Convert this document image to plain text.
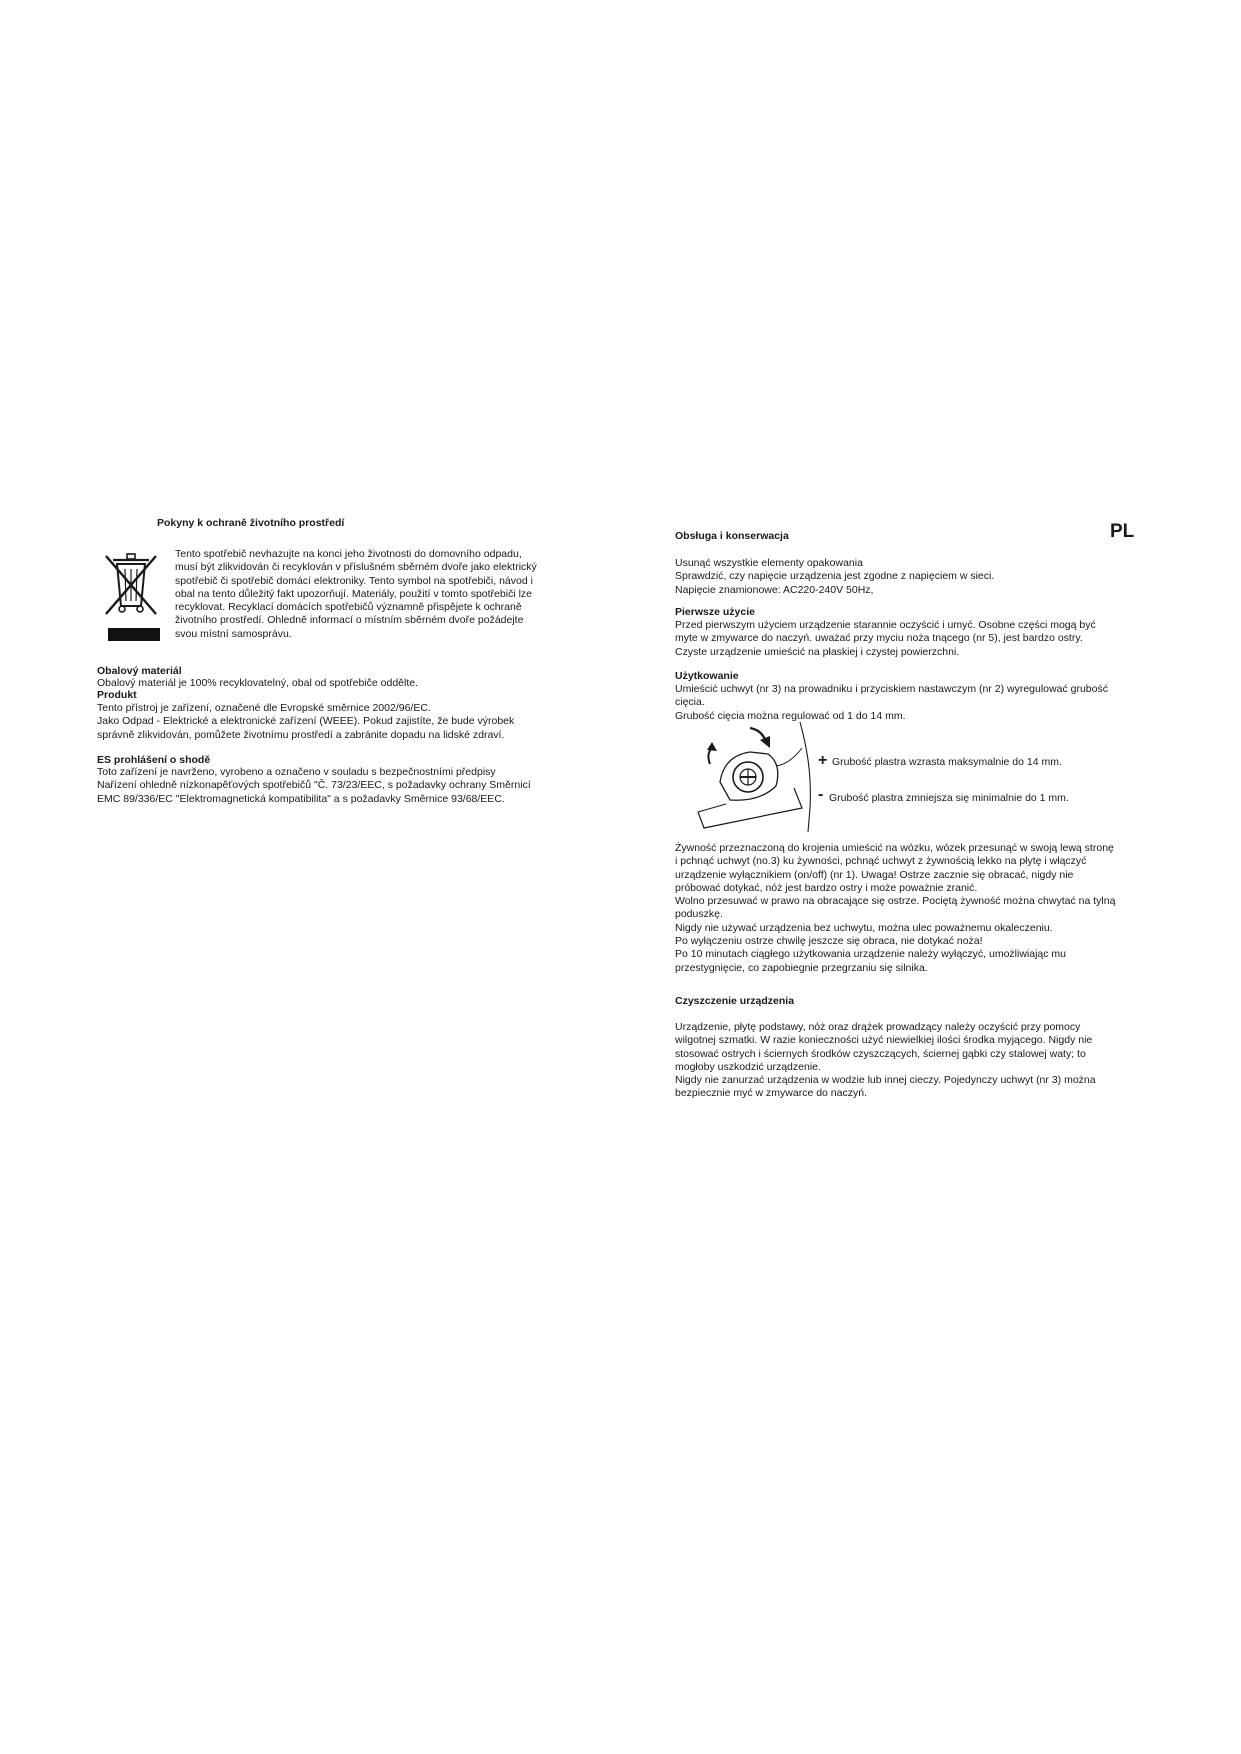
Pokyny k ochraně životního prostředí
Tento spotřebič nevhazujte na konci jeho životnosti do domovního odpadu,
musí být zlikvidován či recyklován v příslušném sběrném dvoře jako elektrický
spotřebič či spotřebič domácí elektroniky. Tento symbol na spotřebiči, návod i
obal na tento důležitý fakt upozorňují. Materiály, použití v tomto spotřebiči lze
recyklovat. Recyklací domácích spotřebičů významně přispějete k ochraně
životního prostředí. Ohledně informací o místním sběrném dvoře požádejte
svou místní samosprávu.
Obalový materiál
Obalový materiál je 100% recyklovatelný, obal od spotřebiče oddělte.
Produkt
Tento přístroj je zařízení, označené dle Evropské směrnice 2002/96/EC.
Jako Odpad - Elektrické a elektronické zařízení (WEEE). Pokud zajistíte, že bude výrobek
správně zlikvidován, pomůžete životnímu prostředí a zabránite dopadu na lidské zdraví.
ES prohlášení o shodě
Toto zařízení je navrženo, vyrobeno a označeno v souladu s bezpečnostními předpisy
Nařízení ohledně nízkonapěťových spotřebičů "Č. 73/23/EEC, s požadavky ochrany Směrnicí
EMC 89/336/EC "Elektromagnetická kompatibilita" a s požadavky Směrnice 93/68/EEC.
PL
Obsługa i konserwacja
Usunąć wszystkie elementy opakowania
Sprawdzić, czy napięcie urządzenia jest zgodne z napięciem w sieci.
Napięcie znamionowe: AC220-240V 50Hz,
Pierwsze użycie
Przed pierwszym użyciem urządzenie starannie oczyścić i umyć. Osobne części mogą być
myte w zmywarce do naczyń. uważać przy myciu noża tnącego (nr 5), jest bardzo ostry.
Czyste urządzenie umieścić na płaskiej i czystej powierzchni.
Użytkowanie
Umieścić uchwyt (nr 3) na prowadniku i przyciskiem nastawczym (nr 2) wyregulować grubość
cięcia.
Grubość cięcia można regulować od 1 do 14 mm.
+ Grubość plastra wzrasta maksymalnie do 14 mm.
- Grubość plastra zmniejsza się minimalnie do 1 mm.
Żywność przeznaczoną do krojenia umieścić na wózku, wózek przesunąć w swoją lewą stronę
i pchnąć uchwyt (no.3) ku żywności, pchnąć uchwyt z żywnością lekko na płytę i włączyć
urządzenie wyłącznikiem (on/off) (nr 1). Uwaga! Ostrze zacznie się obracać, nigdy nie
próbować dotykać, nóż jest bardzo ostry i może poważnie zranić.
Wolno przesuwać w prawo na obracające się ostrze. Pociętą żywność można chwytać na tylną
poduszkę.
Nigdy nie używać urządzenia bez uchwytu, można ulec poważnemu okaleczeniu.
Po wyłączeniu ostrze chwilę jeszcze się obraca, nie dotykać noża!
Po 10 minutach ciągłego użytkowania urządzenie należy wyłączyć, umożliwiając mu
przestygnięcie, co zapobiegnie przegrzaniu się silnika.
Czyszczenie urządzenia
Urządzenie, płytę podstawy, nóż oraz drążek prowadzący należy oczyścić przy pomocy
wilgotnej szmatki. W razie konieczności użyć niewielkiej ilości środka myjącego. Nigdy nie
stosować ostrych i ściernych środków czyszczących, ściernej gąbki czy stalowej waty; to
mogłoby uszkodzić urządzenie.
Nigdy nie zanurzać urządzenia w wodzie lub innej cieczy. Pojedynczy uchwyt (nr 3) można
bezpiecznie myć w zmywarce do naczyń.
